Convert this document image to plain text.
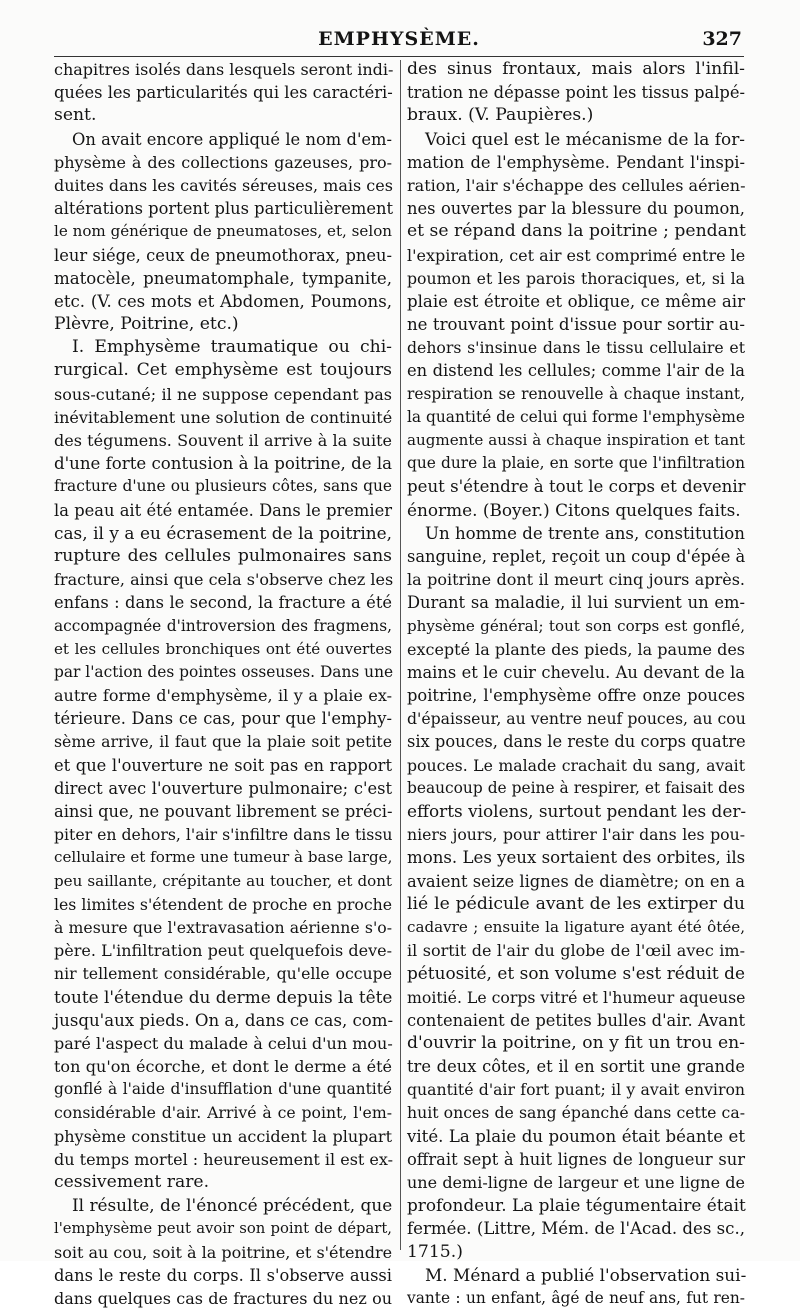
EMPHYSÈME.	327
chapitres isolés dans lesquels seront indi-
quées les particularités qui les caractéri-
sent.
On avait encore appliqué le nom d'em-
physème à des collections gazeuses, pro-
duites dans les cavités séreuses, mais ces
altérations portent plus particulièrement
le nom générique de pneumatoses, et, selon
leur siége, ceux de pneumothorax, pneu-
matocèle, pneumatomphale, tympanite,
etc. (V. ces mots et Abdomen, Poumons,
Plèvre, Poitrine, etc.)
I. Emphysème traumatique ou chi-
rurgical. Cet emphysème est toujours
sous-cutané; il ne suppose cependant pas
inévitablement une solution de continuité
des tégumens. Souvent il arrive à la suite
d'une forte contusion à la poitrine, de la
fracture d'une ou plusieurs côtes, sans que
la peau ait été entamée. Dans le premier
cas, il y a eu écrasement de la poitrine,
rupture des cellules pulmonaires sans
fracture, ainsi que cela s'observe chez les
enfans : dans le second, la fracture a été
accompagnée d'introversion des fragmens,
et les cellules bronchiques ont été ouvertes
par l'action des pointes osseuses. Dans une
autre forme d'emphysème, il y a plaie ex-
térieure. Dans ce cas, pour que l'emphy-
sème arrive, il faut que la plaie soit petite
et que l'ouverture ne soit pas en rapport
direct avec l'ouverture pulmonaire; c'est
ainsi que, ne pouvant librement se préci-
piter en dehors, l'air s'infiltre dans le tissu
cellulaire et forme une tumeur à base large,
peu saillante, crépitante au toucher, et dont
les limites s'étendent de proche en proche
à mesure que l'extravasation aérienne s'o-
père. L'infiltration peut quelquefois deve-
nir tellement considérable, qu'elle occupe
toute l'étendue du derme depuis la tête
jusqu'aux pieds. On a, dans ce cas, com-
paré l'aspect du malade à celui d'un mou-
ton qu'on écorche, et dont le derme a été
gonflé à l'aide d'insufflation d'une quantité
considérable d'air. Arrivé à ce point, l'em-
physème constitue un accident la plupart
du temps mortel : heureusement il est ex-
cessivement rare.
Il résulte, de l'énoncé précédent, que
l'emphysème peut avoir son point de départ,
soit au cou, soit à la poitrine, et s'étendre
dans le reste du corps. Il s'observe aussi
dans quelques cas de fractures du nez ou
des sinus frontaux, mais alors l'infil-
tration ne dépasse point les tissus palpé-
braux. (V. Paupières.)
Voici quel est le mécanisme de la for-
mation de l'emphysème. Pendant l'inspi-
ration, l'air s'échappe des cellules aérien-
nes ouvertes par la blessure du poumon,
et se répand dans la poitrine ; pendant
l'expiration, cet air est comprimé entre le
poumon et les parois thoraciques, et, si la
plaie est étroite et oblique, ce même air
ne trouvant point d'issue pour sortir au-
dehors s'insinue dans le tissu cellulaire et
en distend les cellules; comme l'air de la
respiration se renouvelle à chaque instant,
la quantité de celui qui forme l'emphysème
augmente aussi à chaque inspiration et tant
que dure la plaie, en sorte que l'infiltration
peut s'étendre à tout le corps et devenir
énorme. (Boyer.) Citons quelques faits.
Un homme de trente ans, constitution
sanguine, replet, reçoit un coup d'épée à
la poitrine dont il meurt cinq jours après.
Durant sa maladie, il lui survient un em-
physème général; tout son corps est gonflé,
excepté la plante des pieds, la paume des
mains et le cuir chevelu. Au devant de la
poitrine, l'emphysème offre onze pouces
d'épaisseur, au ventre neuf pouces, au cou
six pouces, dans le reste du corps quatre
pouces. Le malade crachait du sang, avait
beaucoup de peine à respirer, et faisait des
efforts violens, surtout pendant les der-
niers jours, pour attirer l'air dans les pou-
mons. Les yeux sortaient des orbites, ils
avaient seize lignes de diamètre; on en a
lié le pédicule avant de les extirper du
cadavre ; ensuite la ligature ayant été ôtée,
il sortit de l'air du globe de l'œil avec im-
pétuosité, et son volume s'est réduit de
moitié. Le corps vitré et l'humeur aqueuse
contenaient de petites bulles d'air. Avant
d'ouvrir la poitrine, on y fit un trou en-
tre deux côtes, et il en sortit une grande
quantité d'air fort puant; il y avait environ
huit onces de sang épanché dans cette ca-
vité. La plaie du poumon était béante et
offrait sept à huit lignes de longueur sur
une demi-ligne de largeur et une ligne de
profondeur. La plaie tégumentaire était
fermée. (Littre, Mém. de l'Acad. des sc.,
1715.)
M. Ménard a publié l'observation sui-
vante : un enfant, âgé de neuf ans, fut ren-
